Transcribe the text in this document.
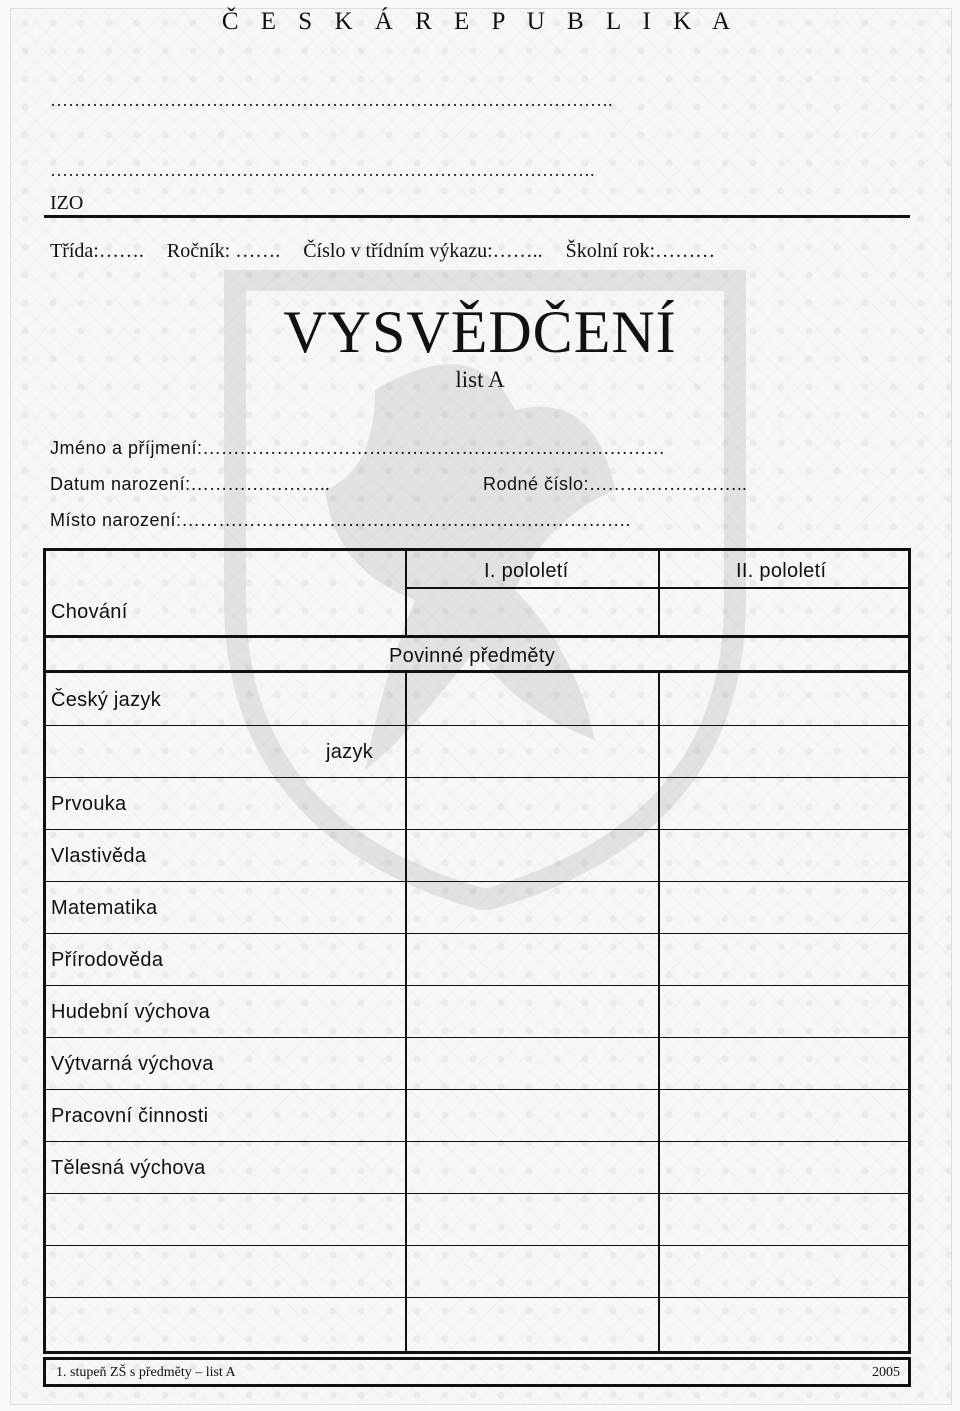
Č E S K Á R E P U B L I K A
………………………………………………………………………………….
……………………………………………………………………………….
IZO
Třída:……. Ročník: ……. Číslo v třídním výkazu:…….. Školní rok:………
VYSVĚDČENÍ
list A
Jméno a příjmení:…………………………………………………………………
Datum narození:…………………..	Rodné číslo:……………………..
Místo narození:……………………………………………………………….
I. pololetí	II. pololetí
Chování
Povinné předměty
Český jazyk
jazyk
Prvouka
Vlastivěda
Matematika
Přírodověda
Hudební výchova
Výtvarná výchova
Pracovní činnosti
Tělesná výchova
1. stupeň ZŠ s předměty – list A	2005
